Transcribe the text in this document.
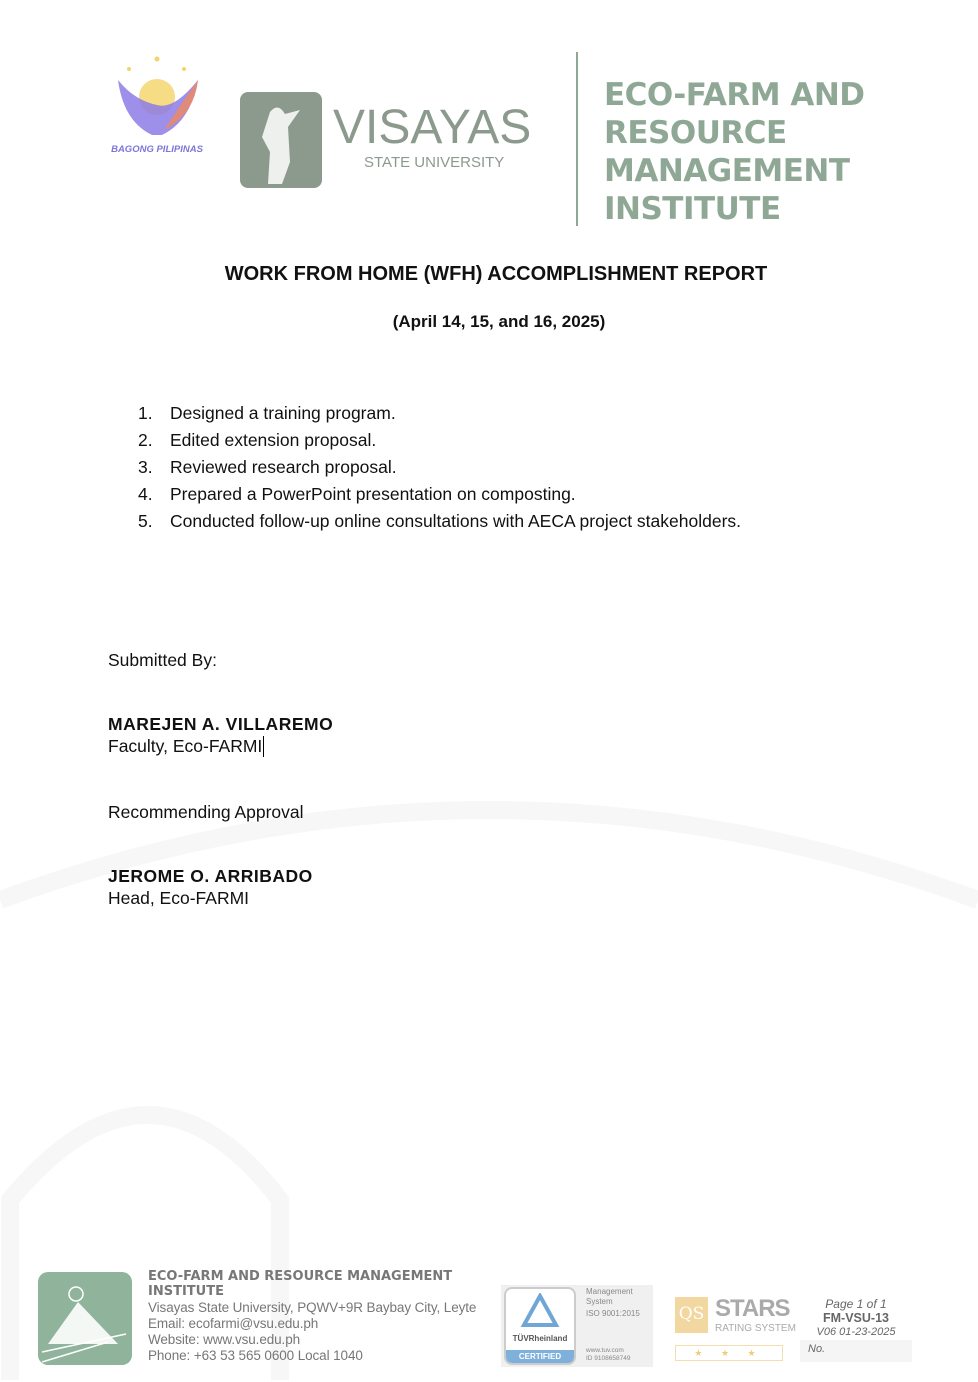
BAGONG PILIPINAS	VISAYAS
STATE UNIVERSITY
ECO-FARM AND
RESOURCE
MANAGEMENT
INSTITUTE
WORK FROM HOME (WFH) ACCOMPLISHMENT REPORT
(April 14, 15, and 16, 2025)
1. Designed a training program.
2. Edited extension proposal.
3. Reviewed research proposal.
4. Prepared a PowerPoint presentation on composting.
5. Conducted follow-up online consultations with AECA project stakeholders.
Submitted By:
MAREJEN A. VILLAREMO
Faculty, Eco-FARMI
Recommending Approval
JEROME O. ARRIBADO
Head, Eco-FARMI
ECO-FARM AND RESOURCE MANAGEMENT
INSTITUTE
Visayas State University, PQWV+9R Baybay City, Leyte
Email: ecofarmi@vsu.edu.ph
Website: www.vsu.edu.ph
Phone: +63 53 565 0600 Local 1040
TÜVRheinland
CERTIFIED
Management System
ISO 9001:2015
www.tuv.com
ID 9108658749
QS STARS
RATING SYSTEM
★ ★ ★
Page 1 of 1
FM-VSU-13
V06 01-23-2025
No.
